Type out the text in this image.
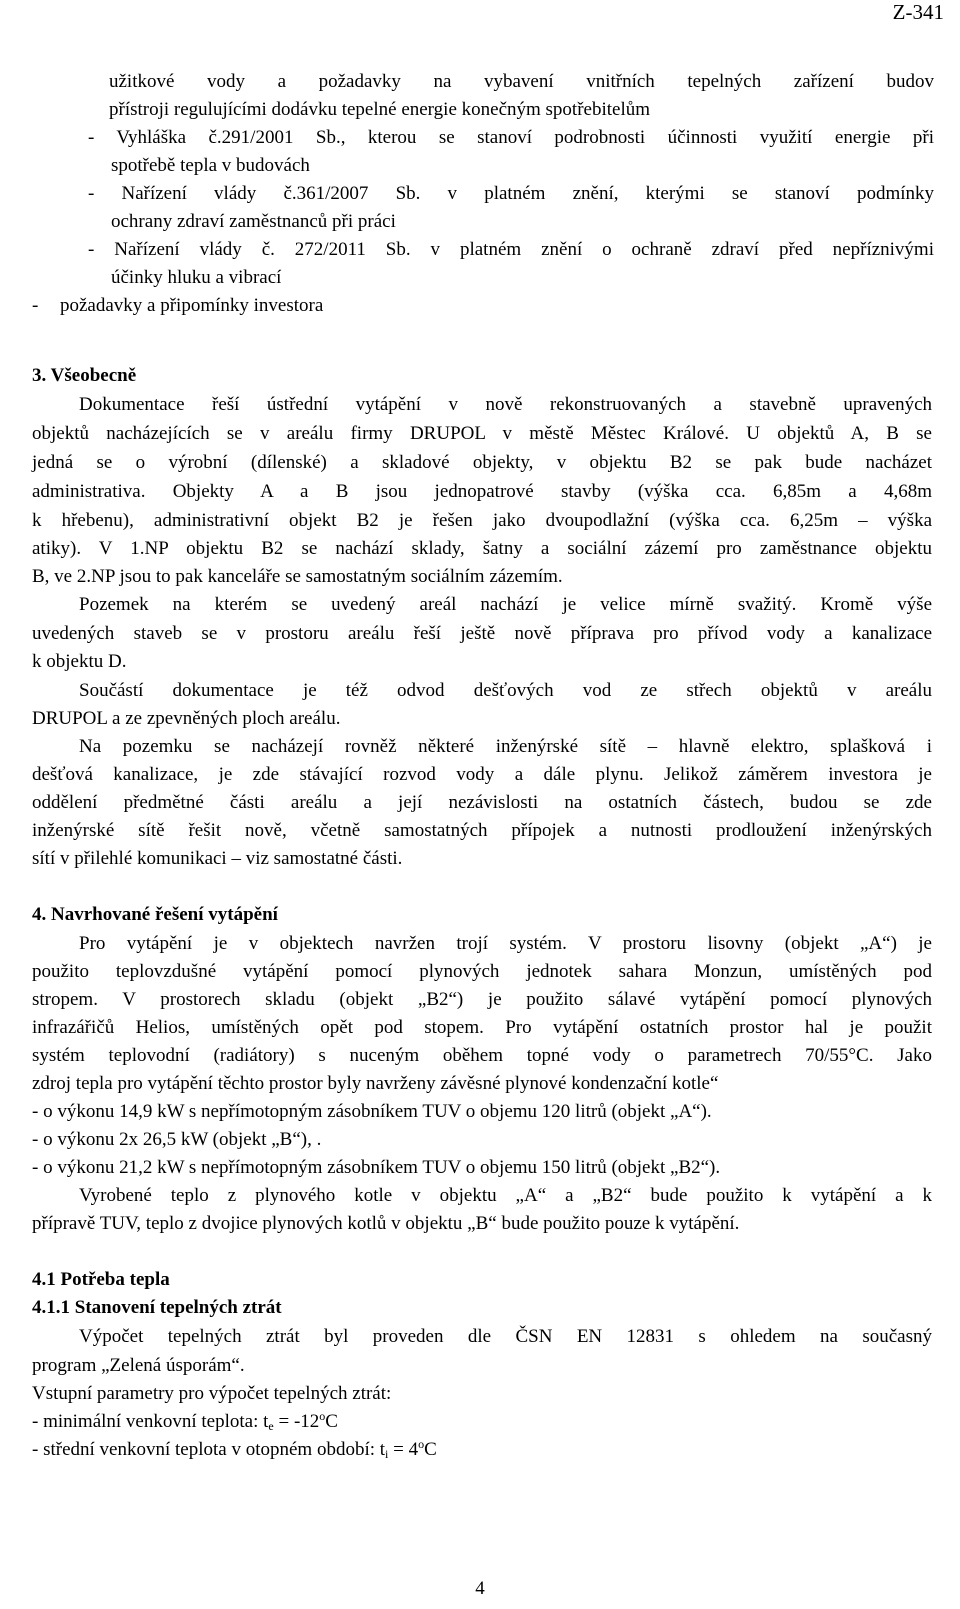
Z-341
užitkové vody a požadavky na vybavení vnitřních tepelných zařízení budov
přístroji regulujícími dodávku tepelné energie konečným spotřebitelům
- Vyhláška č.291/2001 Sb., kterou se stanoví podrobnosti účinnosti využití energie při
spotřebě tepla v budovách
- Nařízení vlády č.361/2007 Sb. v platném znění, kterými se stanoví podmínky
ochrany zdraví zaměstnanců při práci
- Nařízení vlády č. 272/2011 Sb. v platném znění o ochraně zdraví před nepříznivými
účinky hluku a vibrací
- požadavky a připomínky investora
3. Všeobecně
Dokumentace řeší ústřední vytápění v nově rekonstruovaných a stavebně upravených
objektů nacházejících se v areálu firmy DRUPOL v městě Městec Králové. U objektů A, B se
jedná se o výrobní (dílenské) a skladové objekty, v objektu B2 se pak bude nacházet
administrativa. Objekty A a B jsou jednopatrové stavby (výška cca. 6,85m a 4,68m
k hřebenu), administrativní objekt B2 je řešen jako dvoupodlažní (výška cca. 6,25m – výška
atiky). V 1.NP objektu B2 se nachází sklady, šatny a sociální zázemí pro zaměstnance objektu
B, ve 2.NP jsou to pak kanceláře se samostatným sociálním zázemím.
Pozemek na kterém se uvedený areál nachází je velice mírně svažitý. Kromě výše
uvedených staveb se v prostoru areálu řeší ještě nově příprava pro přívod vody a kanalizace
k objektu D.
Součástí dokumentace je též odvod dešťových vod ze střech objektů v areálu
DRUPOL a ze zpevněných ploch areálu.
Na pozemku se nacházejí rovněž některé inženýrské sítě – hlavně elektro, splašková i
dešťová kanalizace, je zde stávající rozvod vody a dále plynu. Jelikož záměrem investora je
oddělení předmětné části areálu a její nezávislosti na ostatních částech, budou se zde
inženýrské sítě řešit nově, včetně samostatných přípojek a nutnosti prodloužení inženýrských
sítí v přilehlé komunikaci – viz samostatné části.
4. Navrhované řešení vytápění
Pro vytápění je v objektech navržen trojí systém. V prostoru lisovny (objekt „A“) je
použito teplovzdušné vytápění pomocí plynových jednotek sahara Monzun, umístěných pod
stropem. V prostorech skladu (objekt „B2“) je použito sálavé vytápění pomocí plynových
infrazářičů Helios, umístěných opět pod stopem. Pro vytápění ostatních prostor hal je použit
systém teplovodní (radiátory) s nuceným oběhem topné vody o parametrech 70/55°C. Jako
zdroj tepla pro vytápění těchto prostor byly navrženy závěsné plynové kondenzační kotle“
- o výkonu 14,9 kW s nepřímotopným zásobníkem TUV o objemu 120 litrů (objekt „A“).
- o výkonu 2x 26,5 kW (objekt „B“), .
- o výkonu 21,2 kW s nepřímotopným zásobníkem TUV o objemu 150 litrů (objekt „B2“).
Vyrobené teplo z plynového kotle v objektu „A“ a „B2“ bude použito k vytápění a k
přípravě TUV, teplo z dvojice plynových kotlů v objektu „B“ bude použito pouze k vytápění.
4.1 Potřeba tepla
4.1.1 Stanovení tepelných ztrát
Výpočet tepelných ztrát byl proveden dle ČSN EN 12831 s ohledem na současný
program „Zelená úsporám“.
Vstupní parametry pro výpočet tepelných ztrát:
- minimální venkovní teplota: $t_e = -12^oC$
- střední venkovní teplota v otopném období: $t_i = 4^oC$
4
